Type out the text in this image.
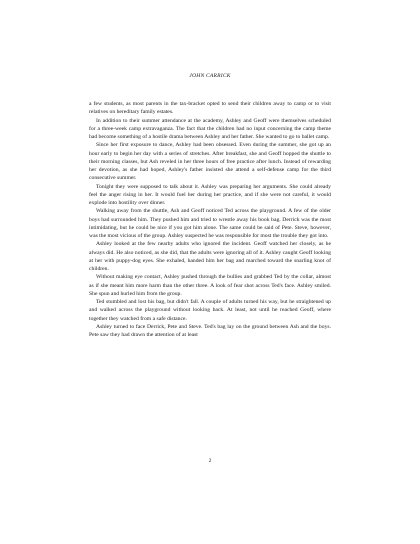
JOHN CARRICK

a few students, as most parents in the tax-bracket opted to send their children away to camp or to visit relatives on hereditary family estates.

In addition to their summer attendance at the academy, Ashley and Geoff were themselves scheduled for a three-week camp extravaganza. The fact that the children had no input concerning the camp theme had become something of a hostile drama between Ashley and her father. She wanted to go to ballet camp.

Since her first exposure to dance, Ashley had been obsessed. Even during the summer, she got up an hour early to begin her day with a series of stretches. After breakfast, she and Geoff hopped the shuttle to their morning classes, but Ash reveled in her three hours of free practice after lunch. Instead of rewarding her devotion, as she had hoped, Ashley's father insisted she attend a self-defense camp for the third consecutive summer.

Tonight they were supposed to talk about it. Ashley was preparing her arguments. She could already feel the anger rising in her. It would fuel her during her practice, and if she were not careful, it would explode into hostility over dinner.

Walking away from the shuttle, Ash and Geoff noticed Ted across the playground. A few of the older boys had surrounded him. They pushed him and tried to wrestle away his book bag. Derrick was the most intimidating, but he could be nice if you got him alone. The same could be said of Pete. Steve, however, was the most vicious of the group. Ashley suspected he was responsible for most the trouble they got into.

Ashley looked at the few nearby adults who ignored the incident. Geoff watched her closely, as he always did. He also noticed, as she did, that the adults were ignoring all of it. Ashley caught Geoff looking at her with puppy-dog eyes. She exhaled, handed him her bag and marched toward the snarling knot of children.

Without making eye contact, Ashley pushed through the bullies and grabbed Ted by the collar, almost as if she meant him more harm than the other three. A look of fear shot across Ted's face. Ashley smiled. She spun and hurled him from the group.

Ted stumbled and lost his bag, but didn't fall. A couple of adults turned his way, but he straightened up and walked across the playground without looking back. At least, not until he reached Geoff, where together they watched from a safe distance.

Ashley turned to face Derrick, Pete and Steve. Ted's bag lay on the ground between Ash and the boys. Pete saw they had drawn the attention of at least

2
